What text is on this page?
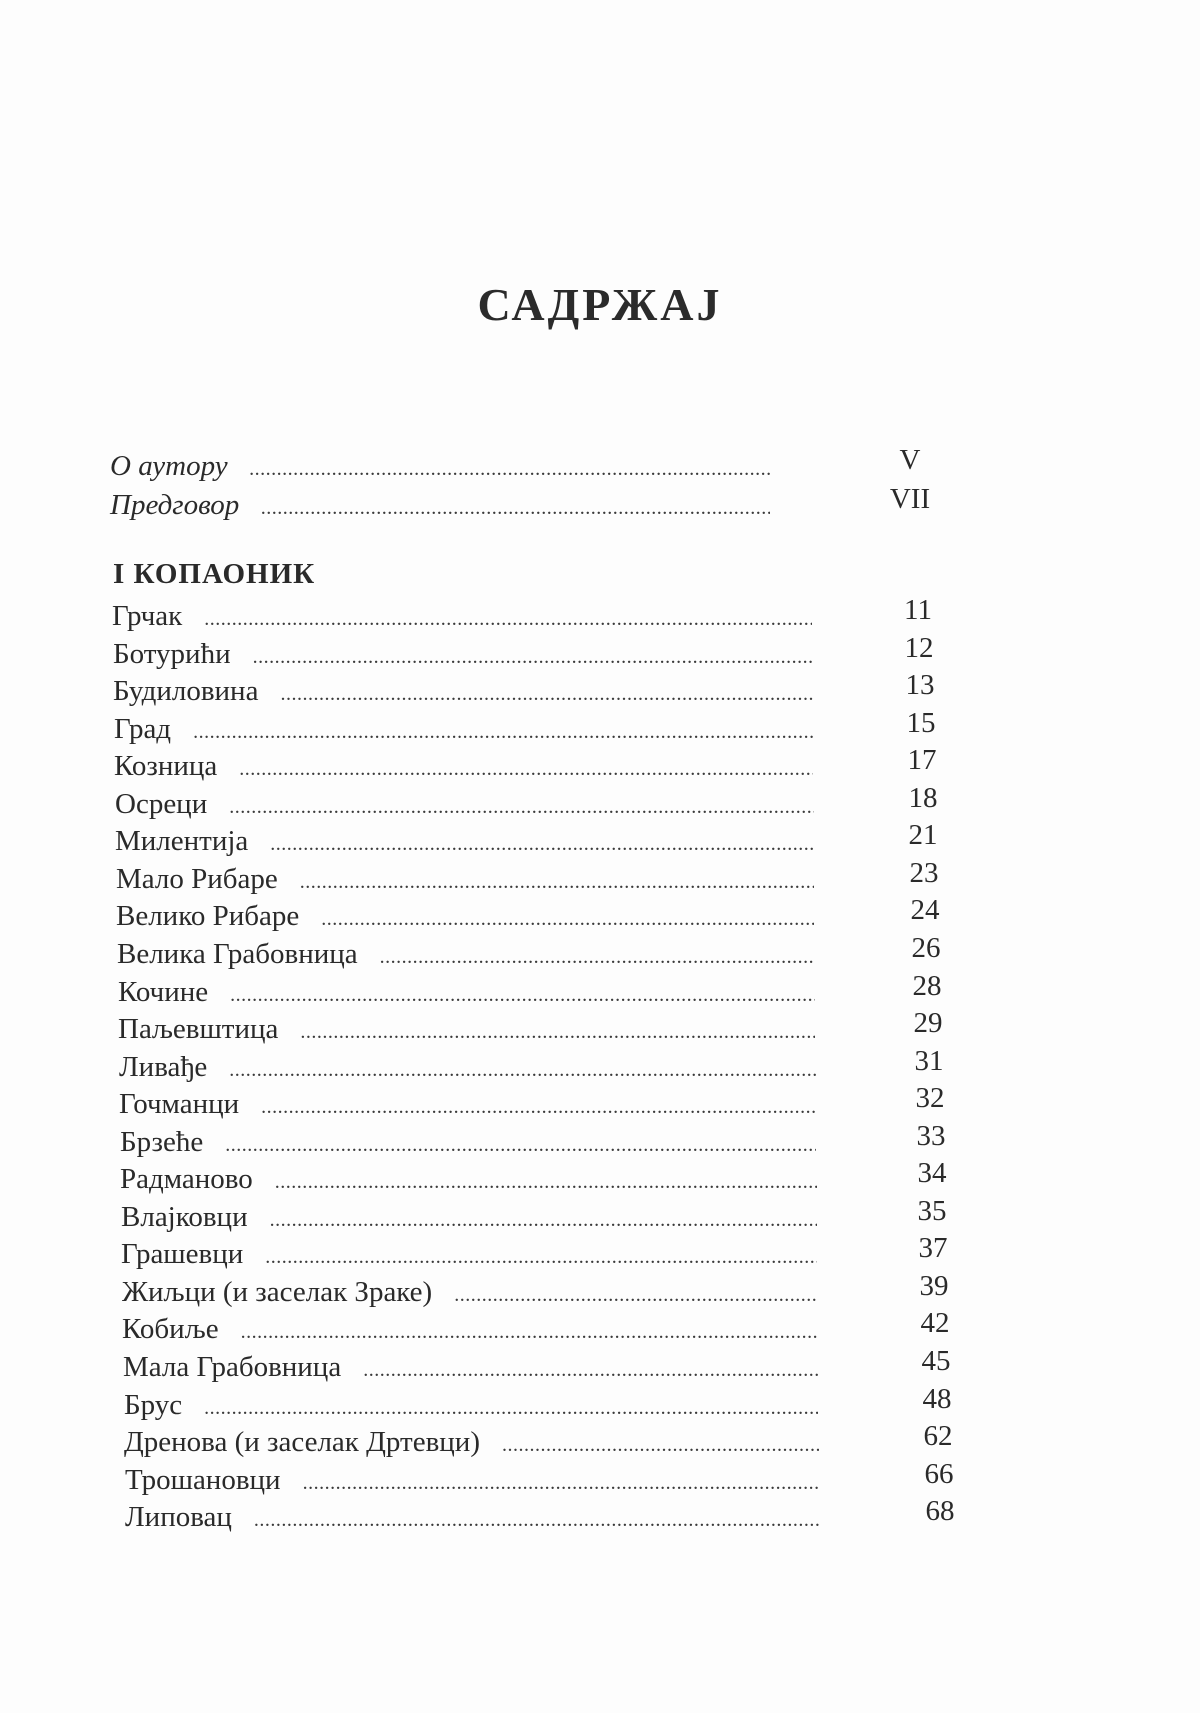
САДРЖАЈ
О аутору .....	V
Предговор .....	VII
I КОПАОНИК
Грчак .....	11
Ботурићи .....	12
Будиловина .....	13
Град .....	15
Козница .....	17
Осреци .....	18
Милентија .....	21
Мало Рибаре .....	23
Велико Рибаре .....	24
Велика Грабовница .....	26
Кочине .....	28
Паљевштица .....	29
Ливађе .....	31
Гочманци .....	32
Брзеће .....	33
Радманово .....	34
Влајковци .....	35
Грашевци .....	37
Жиљци (и заселак Зраке) .....	39
Кобиље .....	42
Мала Грабовница .....	45
Брус .....	48
Дренова (и заселак Дртевци) .....	62
Трошановци .....	66
Липовац .....	68
